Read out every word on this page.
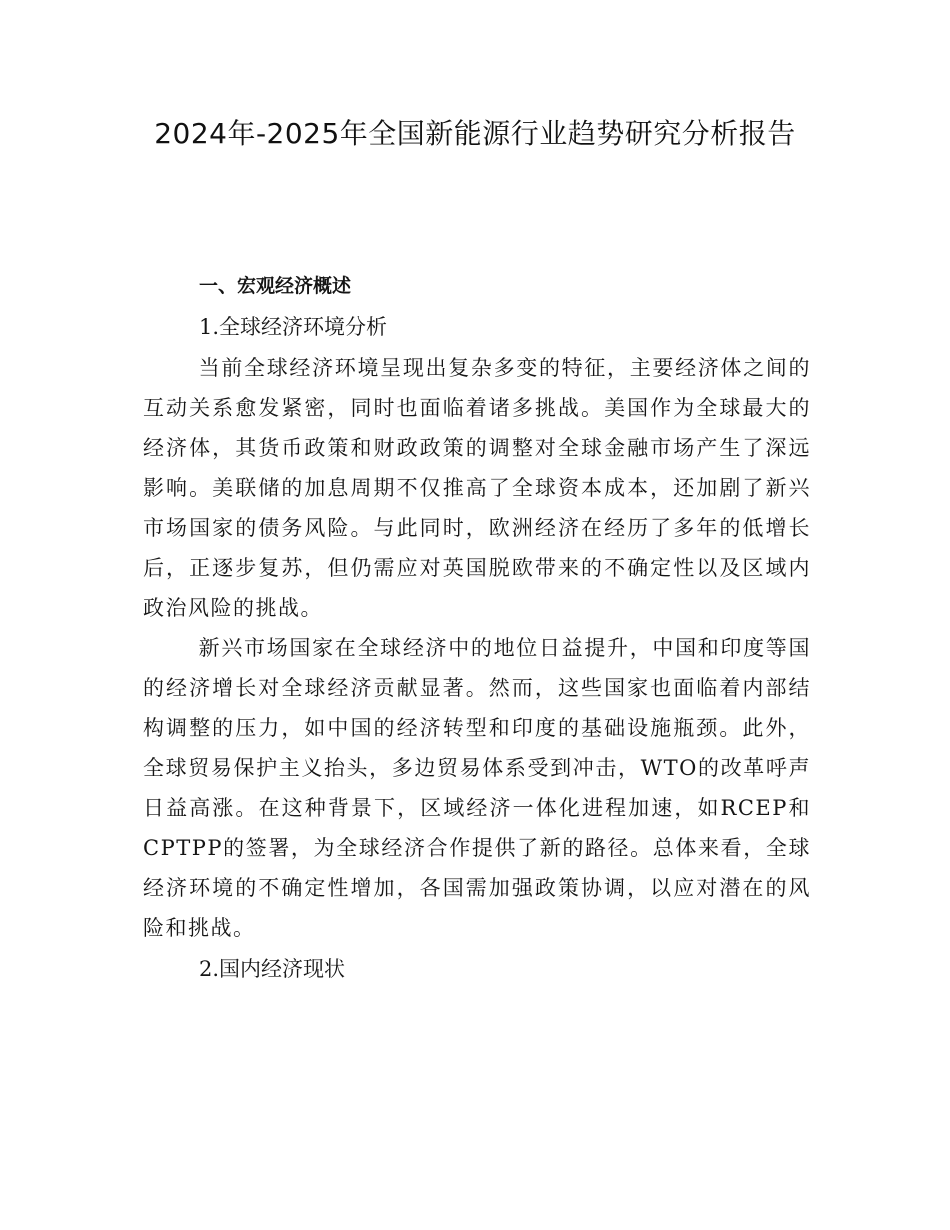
2024年-2025年全国新能源行业趋势研究分析报告
一、宏观经济概述
1.全球经济环境分析

当前全球经济环境呈现出复杂多变的特征，主要经济体之间的互动关系愈发紧密，同时也面临着诸多挑战。美国作为全球最大的经济体，其货币政策和财政政策的调整对全球金融市场产生了深远影响。美联储的加息周期不仅推高了全球资本成本，还加剧了新兴市场国家的债务风险。与此同时，欧洲经济在经历了多年的低增长后，正逐步复苏，但仍需应对英国脱欧带来的不确定性以及区域内政治风险的挑战。

新兴市场国家在全球经济中的地位日益提升，中国和印度等国的经济增长对全球经济贡献显著。然而，这些国家也面临着内部结构调整的压力，如中国的经济转型和印度的基础设施瓶颈。此外，全球贸易保护主义抬头，多边贸易体系受到冲击，WTO的改革呼声日益高涨。在这种背景下，区域经济一体化进程加速，如RCEP和CPTPP的签署，为全球经济合作提供了新的路径。总体来看，全球经济环境的不确定性增加，各国需加强政策协调，以应对潜在的风险和挑战。

2.国内经济现状
